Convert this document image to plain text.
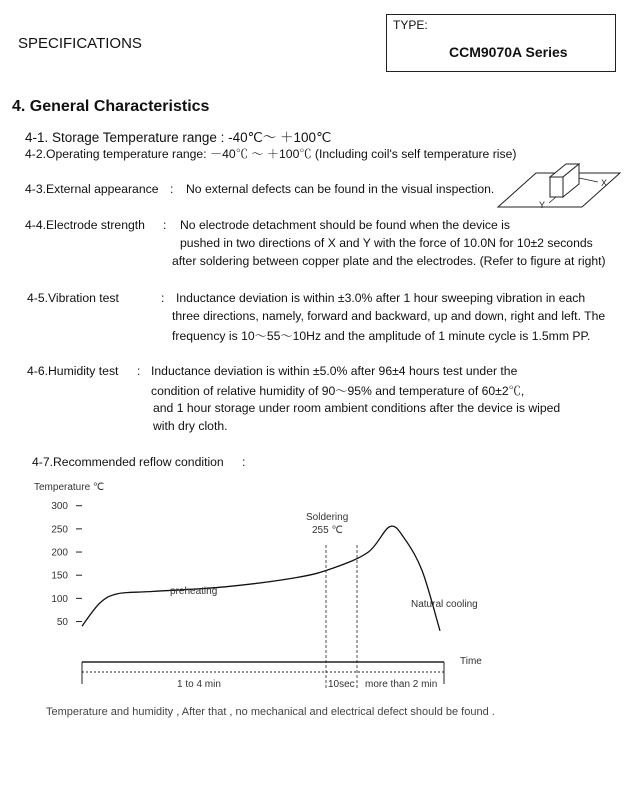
SPECIFICATIONS
TYPE:
CCM9070A Series
4. General Characteristics
4-1. Storage Temperature range : -40℃～ ＋100℃
4-2.Operating temperature range: －40℃ ～ ＋100℃ (Including coil's self temperature rise)
4-3.External appearance : No external defects can be found in the visual inspection.	X
Y
4-4.Electrode strength : No electrode detachment should be found when the device is
pushed in two directions of X and Y with the force of 10.0N for 10±2 seconds
after soldering between copper plate and the electrodes. (Refer to figure at right)
4-5.Vibration test	: Inductance deviation is within ±3.0% after 1 hour sweeping vibration in each
three directions, namely, forward and backward, up and down, right and left. The
frequency is 10～55～10Hz and the amplitude of 1 minute cycle is 1.5mm PP.
4-6.Humidity test : Inductance deviation is within ±5.0% after 96±4 hours test under the
condition of relative humidity of 90～95% and temperature of 60±2℃,
and 1 hour storage under room ambient conditions after the device is wiped
with dry cloth.
4-7.Recommended reflow condition :
Temperature ℃
300
250
200
150
100
50
preheating
Soldering
255 ℃
Natural cooling
Time
1 to 4 min	10sec more than 2 min
Temperature and humidity , After that , no mechanical and electrical defect should be found .
